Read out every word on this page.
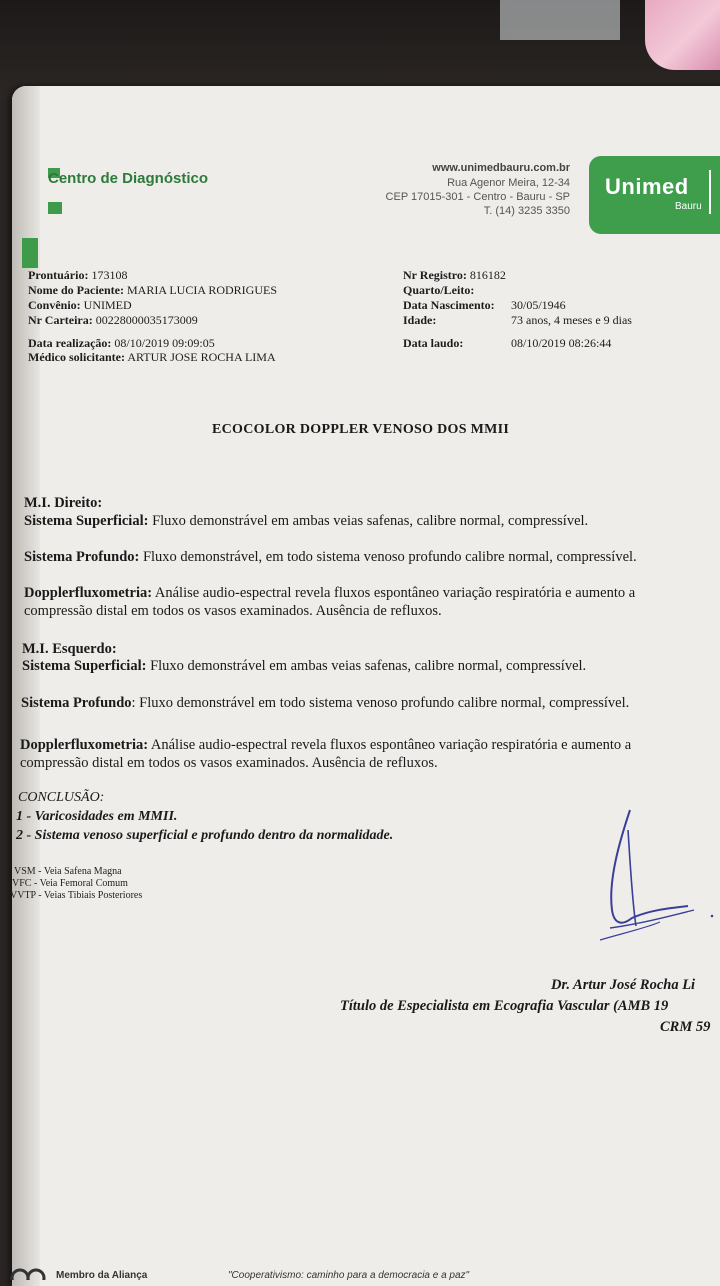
Centro de Diagnóstico
www.unimedbauru.com.br
Rua Agenor Meira, 12-34
CEP 17015-301 - Centro - Bauru - SP
T. (14) 3235 3350
Unimed
Bauru
Prontuário: 173108
Nome do Paciente: MARIA LUCIA RODRIGUES
Convênio: UNIMED
Nr Carteira: 00228000035173009
Data realização: 08/10/2019 09:09:05
Médico solicitante: ARTUR JOSE ROCHA LIMA
Nr Registro: 816182
Quarto/Leito:
Data Nascimento: 30/05/1946
Idade:	73 anos, 4 meses e 9 dias
Data laudo:	08/10/2019 08:26:44
ECOCOLOR DOPPLER VENOSO DOS MMII
M.I. Direito:
Sistema Superficial: Fluxo demonstrável em ambas veias safenas, calibre normal, compressível.
Sistema Profundo: Fluxo demonstrável, em todo sistema venoso profundo calibre normal, compressível.
Dopplerfluxometria: Análise audio-espectral revela fluxos espontâneo variação respiratória e aumento a
compressão distal em todos os vasos examinados. Ausência de refluxos.
M.I. Esquerdo:
Sistema Superficial: Fluxo demonstrável em ambas veias safenas, calibre normal, compressível.
Sistema Profundo: Fluxo demonstrável em todo sistema venoso profundo calibre normal, compressível.
Dopplerfluxometria: Análise audio-espectral revela fluxos espontâneo variação respiratória e aumento a
compressão distal em todos os vasos examinados. Ausência de refluxos.
CONCLUSÃO:
1 - Varicosidades em MMII.
2 - Sistema venoso superficial e profundo dentro da normalidade.
VSM - Veia Safena Magna
VFC - Veia Femoral Comum
VVTP - Veias Tibiais Posteriores
Dr. Artur José Rocha Li
Título de Especialista em Ecografia Vascular (AMB 19
CRM 59
Membro da Aliança	"Cooperativismo: caminho para a democracia e a paz"
